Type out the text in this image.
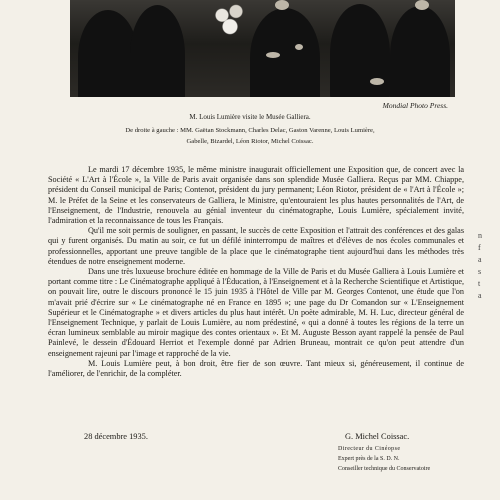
Mondial Photo Press.
M. Louis Lumière visite le Musée Galliera.
De droite à gauche : MM. Gaëtan Stockmann, Charles Delac, Gaston Varenne, Louis Lumière,
Gabelle, Bizardel, Léon Riotor, Michel Coissac.

Le mardi 17 décembre 1935, le même ministre inaugurait officiellement une Exposition que, de concert avec la Société « L'Art à l'École », la Ville de Paris avait organisée dans son splendide Musée Galliera. Reçus par MM. Chiappe, président du Conseil municipal de Paris; Contenot, président du jury permanent; Léon Riotor, président de « l'Art à l'École »; M. le Préfet de la Seine et les conservateurs de Galliera, le Ministre, qu'entouraient les plus hautes personnalités de l'Art, de l'Enseignement, de l'Industrie, renouvela au génial inventeur du cinématographe, Louis Lumière, spécialement invité, l'admiration et la reconnaissance de tous les Français.

Qu'il me soit permis de souligner, en passant, le succès de cette Exposition et l'attrait des conférences et des galas qui y furent organisés. Du matin au soir, ce fut un défilé ininterrompu de maîtres et d'élèves de nos écoles communales et professionnelles, apportant une preuve tangible de la place que le cinématographe tient aujourd'hui dans les méthodes très étendues de notre enseignement moderne.

Dans une très luxueuse brochure éditée en hommage de la Ville de Paris et du Musée Galliera à Louis Lumière et portant comme titre : Le Cinématographe appliqué à l'Éducation, à l'Enseignement et à la Recherche Scientifique et Artistique, on pouvait lire, outre le discours prononcé le 15 juin 1935 à l'Hôtel de Ville par M. Georges Contenot, une étude que l'on m'avait prié d'écrire sur « Le cinématographe né en France en 1895 »; une page du Dr Comandon sur « L'Enseignement Supérieur et le Cinématographe » et divers articles du plus haut intérêt. Un poète admirable, M. H. Luc, directeur général de l'Enseignement Technique, y parlait de Louis Lumière, au nom prédestiné, « qui a donné à toutes les régions de la terre un écran lumineux semblable au miroir magique des contes orientaux ». Et M. Auguste Besson ayant rappelé la pensée de Paul Painlevé, le dessein d'Édouard Herriot et l'exemple donné par Adrien Bruneau, montrait ce qu'on peut attendre d'un enseignement rajeuni par l'image et rapproché de la vie.

M. Louis Lumière peut, à bon droit, être fier de son œuvre. Tant mieux si, généreusement, il continue de l'améliorer, de l'enrichir, de la compléter.

28 décembre 1935.	G. Michel Coissac.
Directeur du Cinéopse
Expert près de la S. D. N.
Conseiller technique du Conservatoire
n
f
a
s
t
a
